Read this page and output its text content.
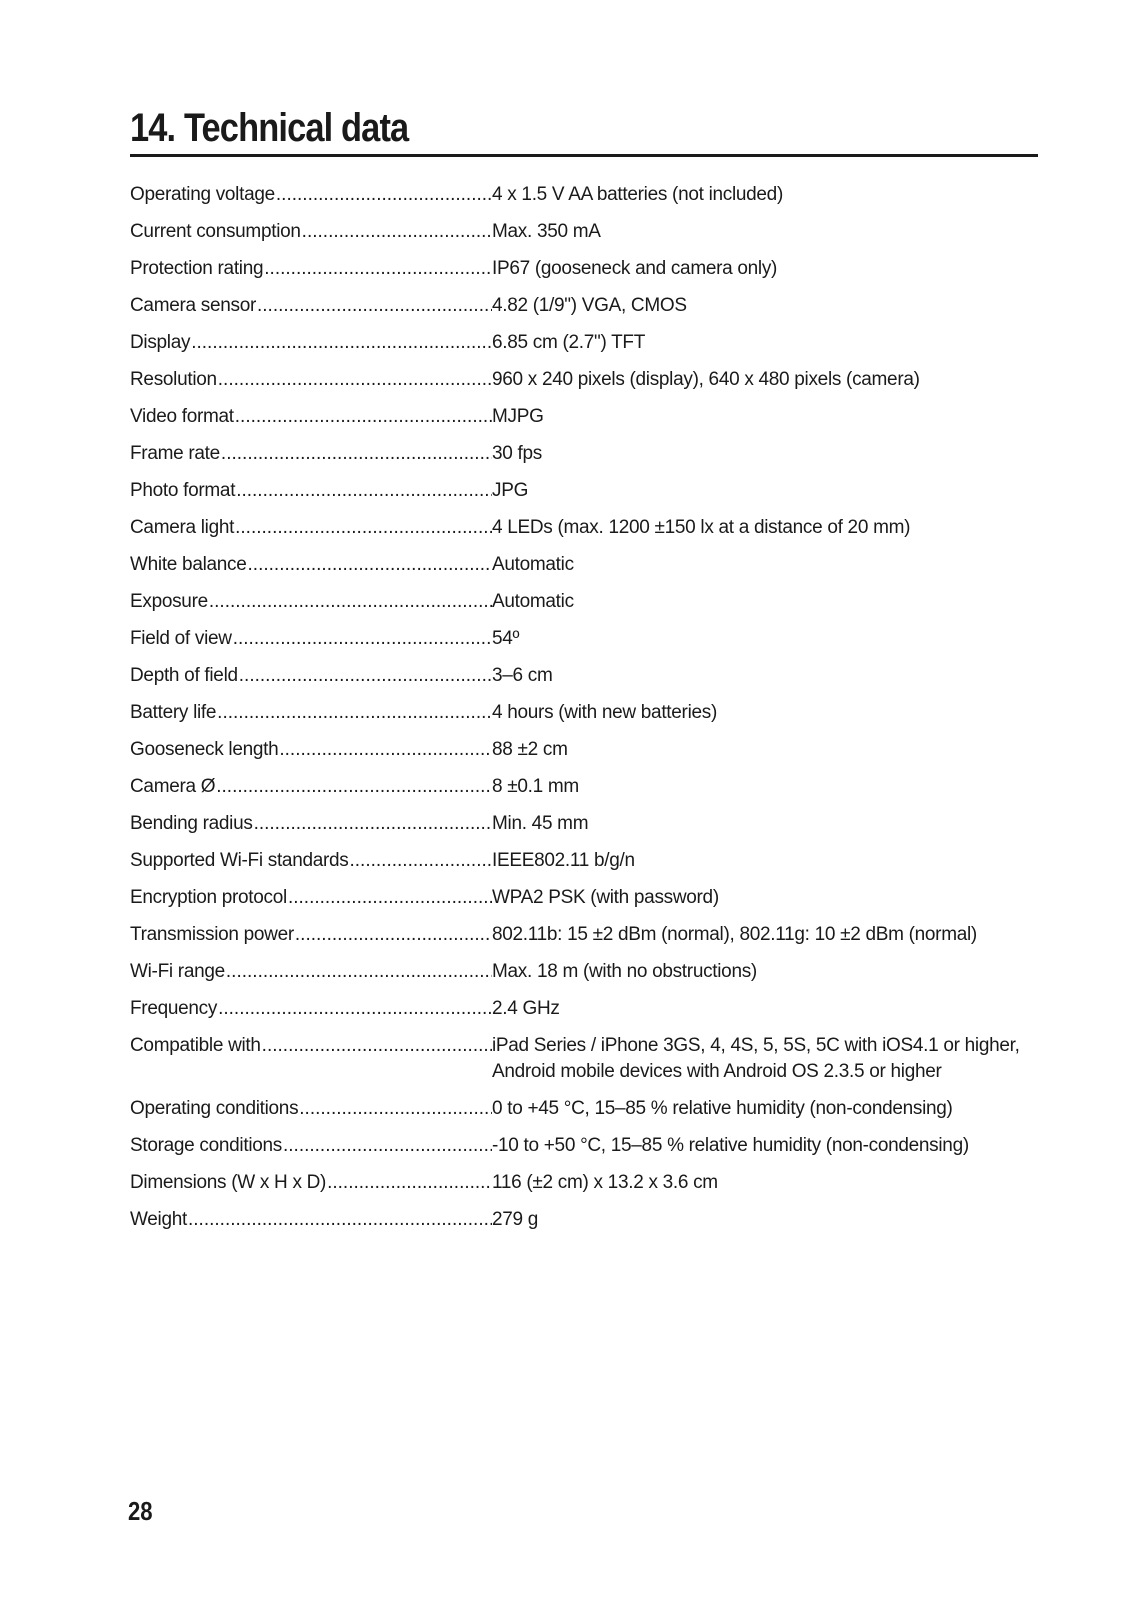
14. Technical data
Operating voltage .....	4 x 1.5 V AA batteries (not included)
Current consumption .....	Max. 350 mA
Protection rating .....	IP67 (gooseneck and camera only)
Camera sensor .....	4.82 (1/9") VGA, CMOS
Display .....	6.85 cm (2.7") TFT
Resolution .....	960 x 240 pixels (display), 640 x 480 pixels (camera)
Video format .....	MJPG
Frame rate .....	30 fps
Photo format .....	JPG
Camera light .....	4 LEDs (max. 1200 ±150 lx at a distance of 20 mm)
White balance .....	Automatic
Exposure .....	Automatic
Field of view .....	54º
Depth of field .....	3–6 cm
Battery life .....	4 hours (with new batteries)
Gooseneck length .....	88 ±2 cm
Camera Ø .....	8 ±0.1 mm
Bending radius .....	Min. 45 mm
Supported Wi-Fi standards .....	IEEE802.11 b/g/n
Encryption protocol .....	WPA2 PSK (with password)
Transmission power .....	802.11b: 15 ±2 dBm (normal), 802.11g: 10 ±2 dBm (normal)
Wi-Fi range .....	Max. 18 m (with no obstructions)
Frequency .....	2.4 GHz
Compatible with .....	iPad Series / iPhone 3GS, 4, 4S, 5, 5S, 5C with iOS4.1 or higher,
Android mobile devices with Android OS 2.3.5 or higher
Operating conditions .....	0 to +45 °C, 15–85 % relative humidity (non-condensing)
Storage conditions .....	-10 to +50 °C, 15–85 % relative humidity (non-condensing)
Dimensions (W x H x D) .....	116 (±2 cm) x 13.2 x 3.6 cm
Weight .....	279 g
28
